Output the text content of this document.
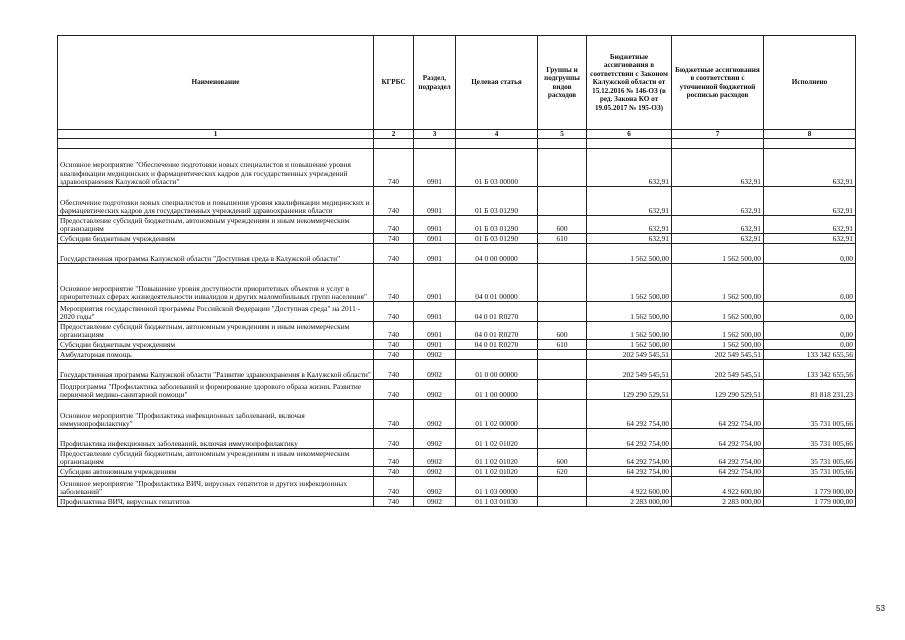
Наименование	КГРБС	Раздел, подраздел	Целевая статья	Группы и подгруппы видов расходов	Бюджетные ассигнования в соответствии с Законом Калужской области от 15.12.2016 № 146-ОЗ (в ред. Закона КО от 19.05.2017 № 195-ОЗ)	Бюджетные ассигнования в соответствии с уточненной бюджетной росписью расходов	Исполнено
1	2	3	4	5	6	7	8

Основное мероприятие "Обеспечение подготовки новых специалистов и повышение уровня квалификации медицинских и фармацевтических кадров для государственных учреждений здравоохранения Калужской области"	740	0901	01 Б 03 00000		632,91	632,91	632,91
Обеспечение подготовки новых специалистов и повышения уровня квалификации медицинских и фармацевтических кадров для государственных учреждений здравоохранения области	740	0901	01 Б 03 01290		632,91	632,91	632,91
Предоставление субсидий бюджетным, автономным учреждениям и иным некоммерческим организациям	740	0901	01 Б 03 01290	600	632,91	632,91	632,91
Субсидии бюджетным учреждениям	740	0901	01 Б 03 01290	610	632,91	632,91	632,91
Государственная программа Калужской области "Доступная среда в Калужской области"	740	0901	04 0 00 00000		1 562 500,00	1 562 500,00	0,00
Основное мероприятие "Повышение уровня доступности приоритетных объектов и услуг в приоритетных сферах жизнедеятельности инвалидов и других маломобильных групп населения"	740	0901	04 0 01 00000		1 562 500,00	1 562 500,00	0,00
Мероприятия государственной программы Российской Федерации "Доступная среда" на 2011 - 2020 годы"	740	0901	04 0 01 R0270		1 562 500,00	1 562 500,00	0,00
Предоставление субсидий бюджетным, автономным учреждениям и иным некоммерческим организациям	740	0901	04 0 01 R0270	600	1 562 500,00	1 562 500,00	0,00
Субсидии бюджетным учреждениям	740	0901	04 0 01 R0270	610	1 562 500,00	1 562 500,00	0,00
Амбулаторная помощь	740	0902			202 549 545,51	202 549 545,51	133 342 655,56
Государственная программа Калужской области "Развитие здравоохранения в Калужской области"	740	0902	01 0 00 00000		202 549 545,51	202 549 545,51	133 342 655,56
Подпрограмма "Профилактика заболеваний и формирование здорового образа жизни. Развитие первичной медико-санитарной помощи"	740	0902	01 1 00 00000		129 290 529,51	129 290 529,51	81 818 231,23
Основное мероприятие "Профилактика инфекционных заболеваний, включая иммунопрофилактику"	740	0902	01 1 02 00000		64 292 754,00	64 292 754,00	35 731 005,66
Профилактика инфекционных заболеваний, включая иммунопрофилактику	740	0902	01 1 02 01020		64 292 754,00	64 292 754,00	35 731 005,66
Предоставление субсидий бюджетным, автономным учреждениям и иным некоммерческим организациям	740	0902	01 1 02 01020	600	64 292 754,00	64 292 754,00	35 731 005,66
Субсидии автономным учреждениям	740	0902	01 1 02 01020	620	64 292 754,00	64 292 754,00	35 731 005,66
Основное мероприятие "Профилактика ВИЧ, вирусных гепатитов и других инфекционных заболеваний"	740	0902	01 1 03 00000		4 922 600,00	4 922 600,00	1 779 000,00
Профилактика ВИЧ, вирусных гепатитов	740	0902	01 1 03 01030		2 283 000,00	2 283 000,00	1 779 000,00
53
